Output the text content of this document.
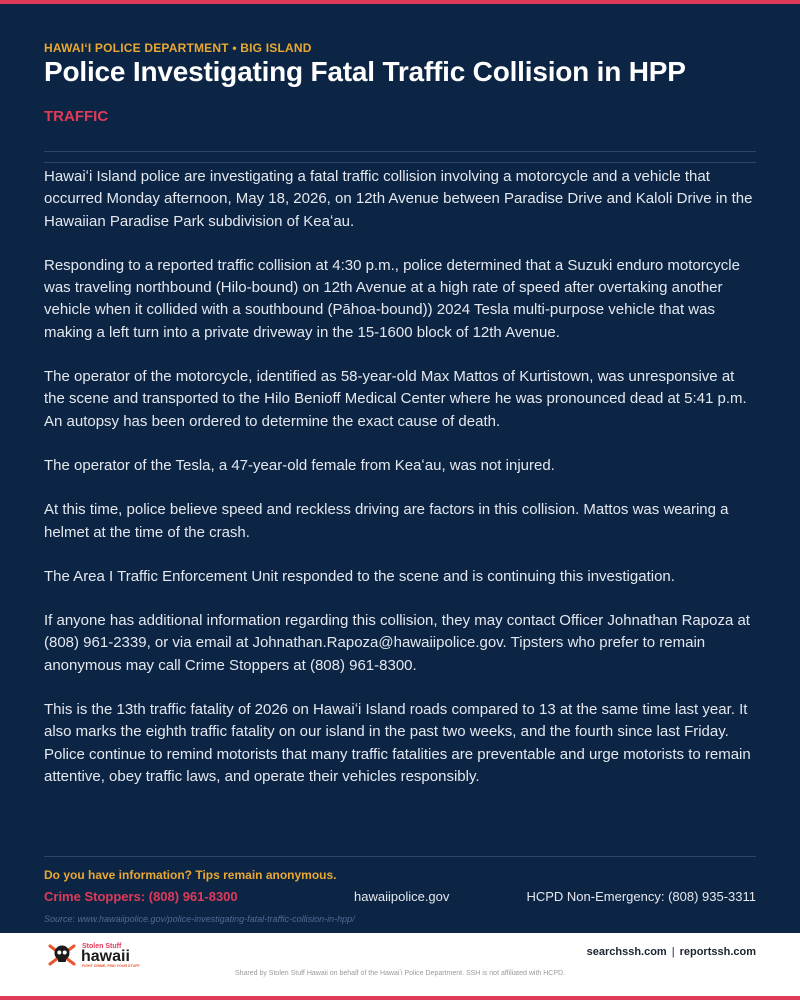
HAWAIʻI POLICE DEPARTMENT • BIG ISLAND
Police Investigating Fatal Traffic Collision in HPP
TRAFFIC

Hawaiʻi Island police are investigating a fatal traffic collision involving a motorcycle and a vehicle that occurred Monday afternoon, May 18, 2026, on 12th Avenue between Paradise Drive and Kaloli Drive in the Hawaiian Paradise Park subdivision of Keaʻau.

Responding to a reported traffic collision at 4:30 p.m., police determined that a Suzuki enduro motorcycle was traveling northbound (Hilo-bound) on 12th Avenue at a high rate of speed after overtaking another vehicle when it collided with a southbound (Pāhoa-bound)) 2024 Tesla multi-purpose vehicle that was making a left turn into a private driveway in the 15-1600 block of 12th Avenue.

The operator of the motorcycle, identified as 58-year-old Max Mattos of Kurtistown, was unresponsive at the scene and transported to the Hilo Benioff Medical Center where he was pronounced dead at 5:41 p.m. An autopsy has been ordered to determine the exact cause of death.

The operator of the Tesla, a 47-year-old female from Keaʻau, was not injured.

At this time, police believe speed and reckless driving are factors in this collision. Mattos was wearing a helmet at the time of the crash.

The Area I Traffic Enforcement Unit responded to the scene and is continuing this investigation.

If anyone has additional information regarding this collision, they may contact Officer Johnathan Rapoza at (808) 961-2339, or via email at Johnathan.Rapoza@hawaiipolice.gov. Tipsters who prefer to remain anonymous may call Crime Stoppers at (808) 961-8300.

This is the 13th traffic fatality of 2026 on Hawaiʻi Island roads compared to 13 at the same time last year. It also marks the eighth traffic fatality on our island in the past two weeks, and the fourth since last Friday. Police continue to remind motorists that many traffic fatalities are preventable and urge motorists to remain attentive, obey traffic laws, and operate their vehicles responsibly.

Do you have information? Tips remain anonymous.
Crime Stoppers: (808) 961-8300	hawaiipolice.gov	HCPD Non-Emergency: (808) 935-3311
Source: www.hawaiipolice.gov/police-investigating-fatal-traffic-collision-in-hpp/
Stolen Stuff
hawaii
FIGHT CRIME. FIND YOUR STUFF.
searchssh.com | reportssh.com
Shared by Stolen Stuff Hawaii on behalf of the Hawaiʻi Police Department. SSH is not affiliated with HCPD.
